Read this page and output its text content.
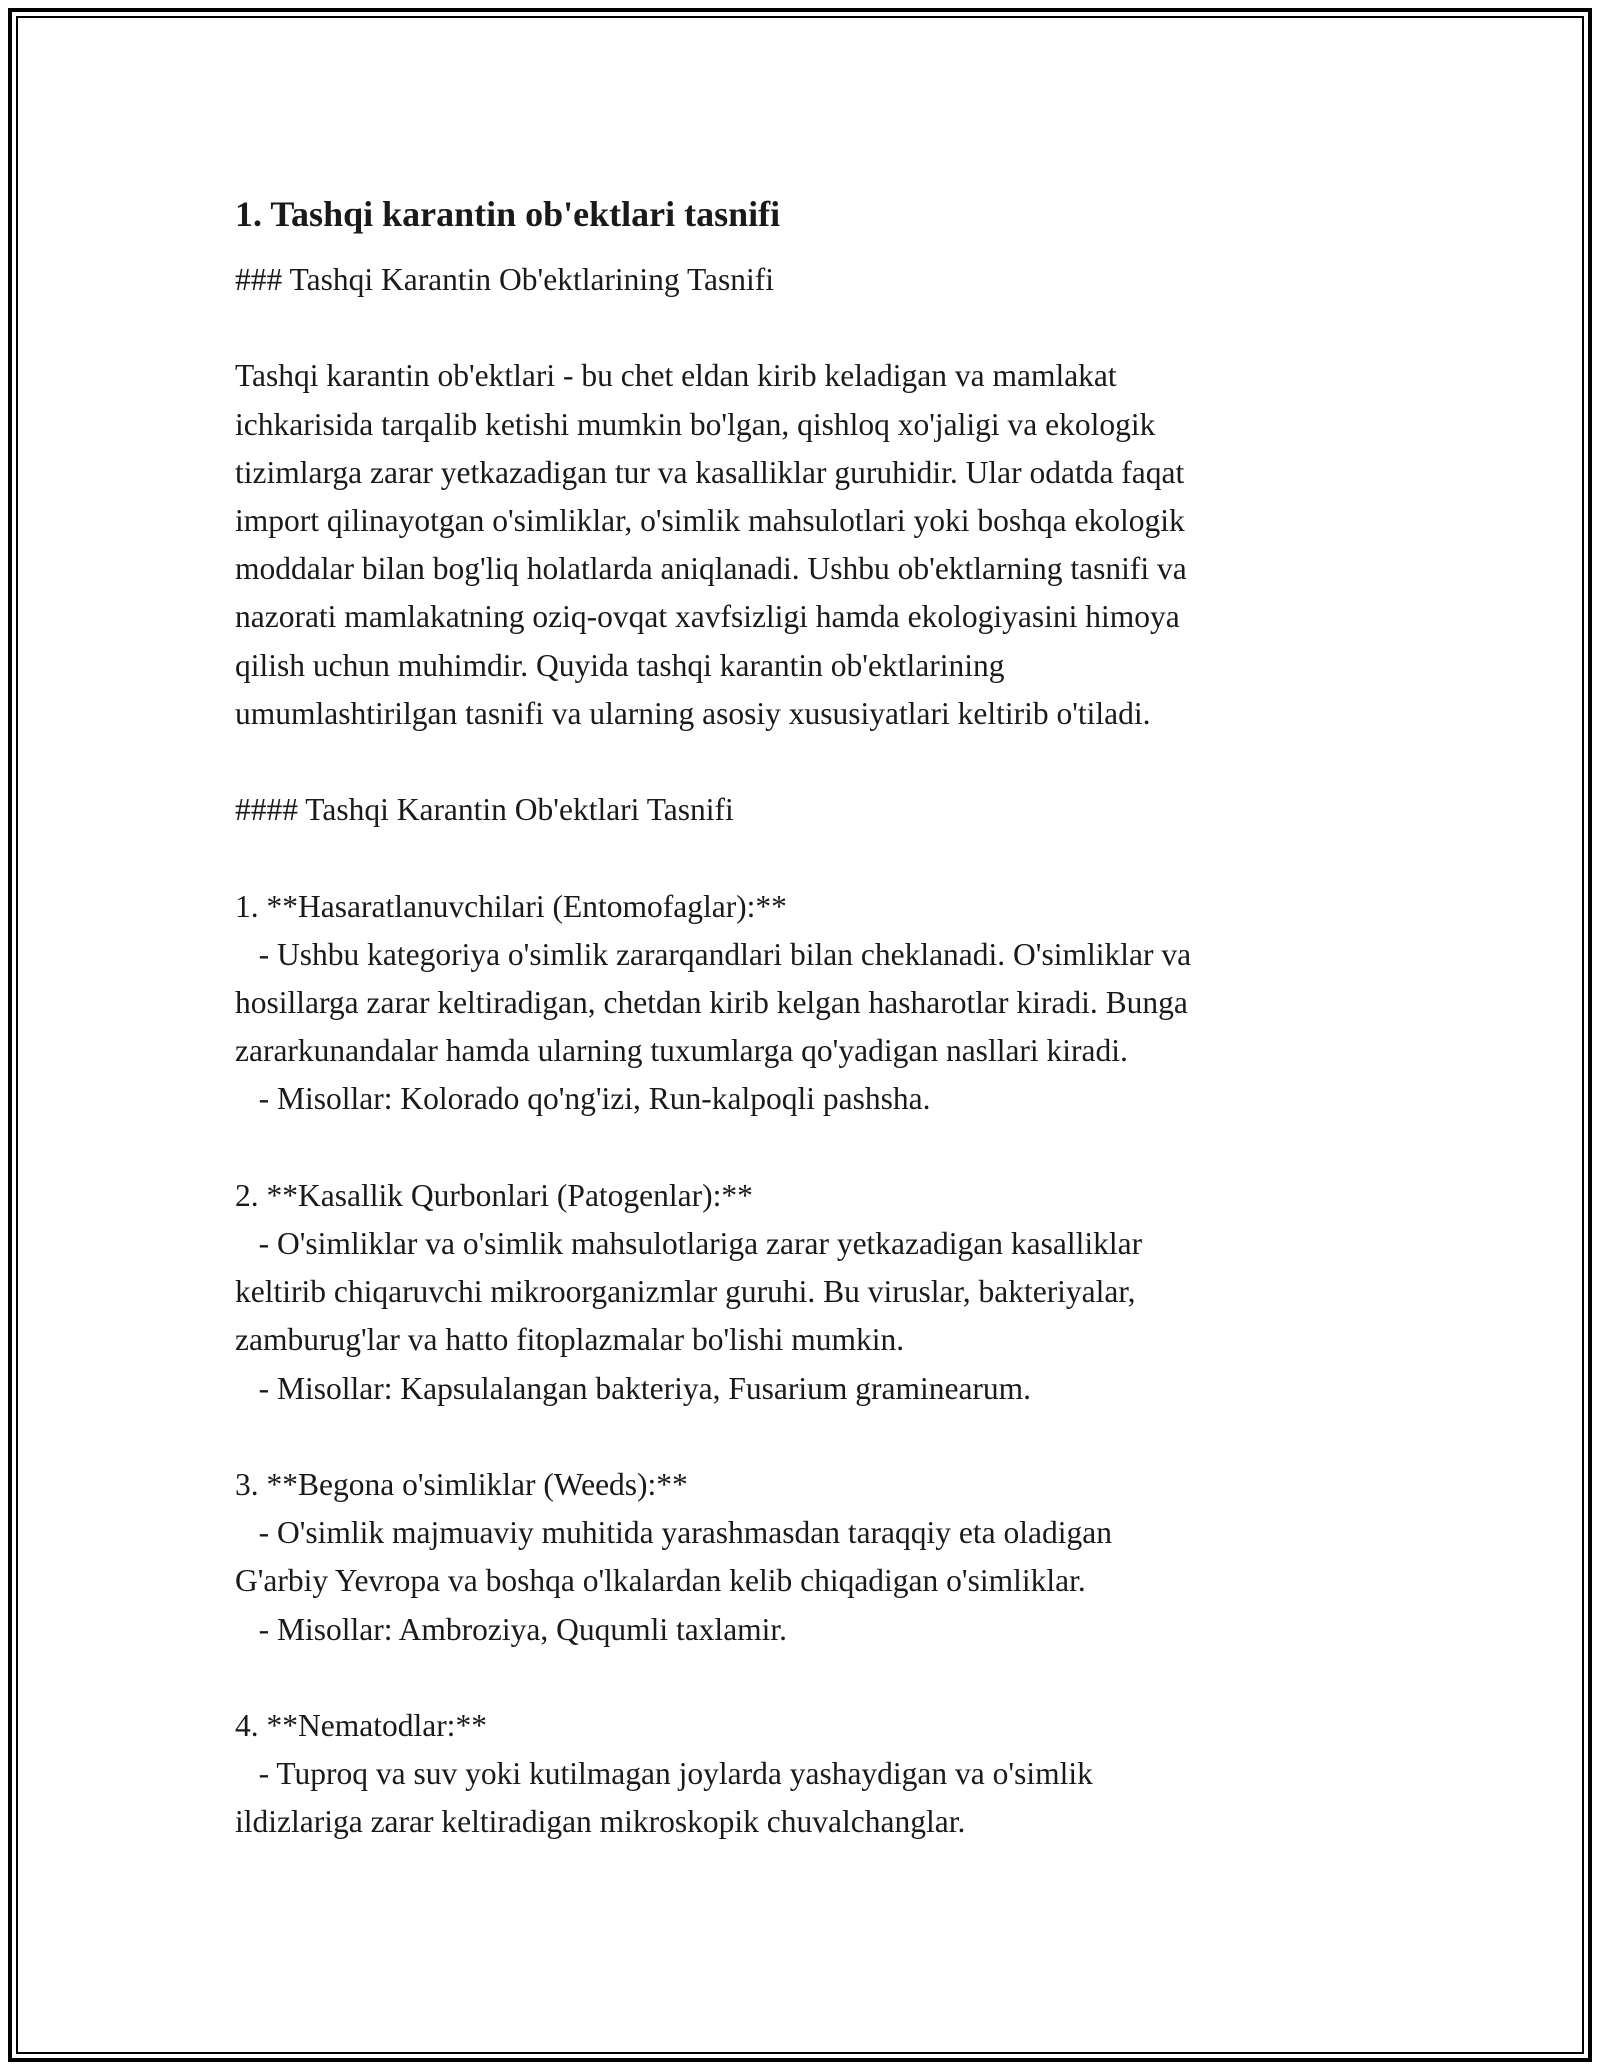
1. Tashqi karantin ob'ektlari tasnifi
### Tashqi Karantin Ob'ektlarining Tasnifi
Tashqi karantin ob'ektlari - bu chet eldan kirib keladigan va mamlakat
ichkarisida tarqalib ketishi mumkin bo'lgan, qishloq xo'jaligi va ekologik
tizimlarga zarar yetkazadigan tur va kasalliklar guruhidir. Ular odatda faqat
import qilinayotgan o'simliklar, o'simlik mahsulotlari yoki boshqa ekologik
moddalar bilan bog'liq holatlarda aniqlanadi. Ushbu ob'ektlarning tasnifi va
nazorati mamlakatning oziq-ovqat xavfsizligi hamda ekologiyasini himoya
qilish uchun muhimdir. Quyida tashqi karantin ob'ektlarining
umumlashtirilgan tasnifi va ularning asosiy xususiyatlari keltirib o'tiladi.
#### Tashqi Karantin Ob'ektlari Tasnifi
1. **Hasaratlanuvchilari (Entomofaglar):**
- Ushbu kategoriya o'simlik zararqandlari bilan cheklanadi. O'simliklar va
hosillarga zarar keltiradigan, chetdan kirib kelgan hasharotlar kiradi. Bunga
zararkunandalar hamda ularning tuxumlarga qo'yadigan nasllari kiradi.
- Misollar: Kolorado qo'ng'izi, Run-kalpoqli pashsha.
2. **Kasallik Qurbonlari (Patogenlar):**
- O'simliklar va o'simlik mahsulotlariga zarar yetkazadigan kasalliklar
keltirib chiqaruvchi mikroorganizmlar guruhi. Bu viruslar, bakteriyalar,
zamburug'lar va hatto fitoplazmalar bo'lishi mumkin.
- Misollar: Kapsulalangan bakteriya, Fusarium graminearum.
3. **Begona o'simliklar (Weeds):**
- O'simlik majmuaviy muhitida yarashmasdan taraqqiy eta oladigan
G'arbiy Yevropa va boshqa o'lkalardan kelib chiqadigan o'simliklar.
- Misollar: Ambroziya, Ququmli taxlamir.
4. **Nematodlar:**
- Tuproq va suv yoki kutilmagan joylarda yashaydigan va o'simlik
ildizlariga zarar keltiradigan mikroskopik chuvalchanglar.
